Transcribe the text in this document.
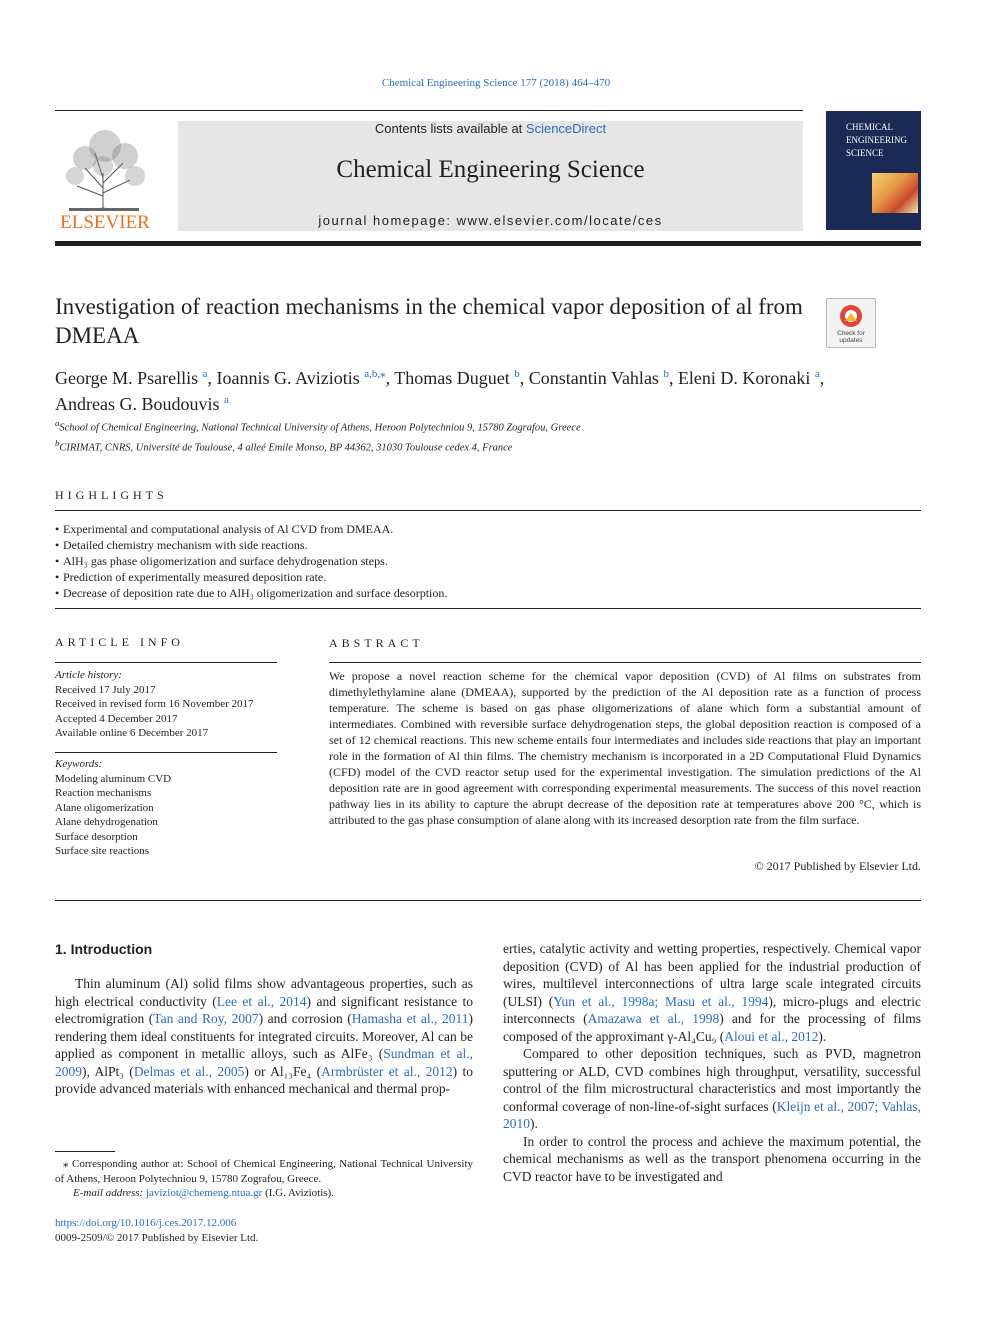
Chemical Engineering Science 177 (2018) 464–470
ELSEVIER
Contents lists available at ScienceDirect
Chemical Engineering Science
journal homepage: www.elsevier.com/locate/ces
CHEMICAL
ENGINEERING
SCIENCE
Investigation of reaction mechanisms in the chemical vapor deposition of al from DMEAA	Check for
updates
George M. Psarellis $^a$, Ioannis G. Aviziotis $^{a,b,⁎}$, Thomas Duguet $^b$, Constantin Vahlas $^b$, Eleni D. Koronaki $^a$,
Andreas G. Boudouvis $^a$
$^a$School of Chemical Engineering, National Technical University of Athens, Heroon Polytechniou 9, 15780 Zografou, Greece
$^b$CIRIMAT, CNRS, Université de Toulouse, 4 alleé Emile Monso, BP 44362, 31030 Toulouse cedex 4, France
HIGHLIGHTS
• Experimental and computational analysis of Al CVD from DMEAA.
• Detailed chemistry mechanism with side reactions.
• AlH₃ gas phase oligomerization and surface dehydrogenation steps.
• Prediction of experimentally measured deposition rate.
• Decrease of deposition rate due to AlH₃ oligomerization and surface desorption.
ARTICLE INFO
Article history:
Received 17 July 2017
Received in revised form 16 November 2017
Accepted 4 December 2017
Available online 6 December 2017
Keywords:
Modeling aluminum CVD
Reaction mechanisms
Alane oligomerization
Alane dehydrogenation
Surface desorption
Surface site reactions
ABSTRACT
We propose a novel reaction scheme for the chemical vapor deposition (CVD) of Al films on substrates from dimethylethylamine alane (DMEAA), supported by the prediction of the Al deposition rate as a function of process temperature. The scheme is based on gas phase oligomerizations of alane which form a substantial amount of intermediates. Combined with reversible surface dehydrogenation steps, the global deposition reaction is composed of a set of 12 chemical reactions. This new scheme entails four intermediates and includes side reactions that play an important role in the formation of Al thin films. The chemistry mechanism is incorporated in a 2D Computational Fluid Dynamics (CFD) model of the CVD reactor setup used for the experimental investigation. The simulation predictions of the Al deposition rate are in good agreement with corresponding experimental measurements. The success of this novel reaction pathway lies in its ability to capture the abrupt decrease of the deposition rate at temperatures above 200 °C, which is attributed to the gas phase consumption of alane along with its increased desorption rate from the film surface.
© 2017 Published by Elsevier Ltd.
1. Introduction

Thin aluminum (Al) solid films show advantageous properties, such as high electrical conductivity (Lee et al., 2014) and significant resistance to electromigration (Tan and Roy, 2007) and corrosion (Hamasha et al., 2011) rendering them ideal constituents for integrated circuits. Moreover, Al can be applied as component in metallic alloys, such as AlFe₃ (Sundman et al., 2009), AlPt₃ (Delmas et al., 2005) or Al₁₃Fe₄ (Armbrüster et al., 2012) to provide advanced materials with enhanced mechanical and thermal prop-

erties, catalytic activity and wetting properties, respectively. Chemical vapor deposition (CVD) of Al has been applied for the industrial production of wires, multilevel interconnections of ultra large scale integrated circuits (ULSI) (Yun et al., 1998a; Masu et al., 1994), micro-plugs and electric interconnects (Amazawa et al., 1998) and for the processing of films composed of the approximant γ-Al₄Cu₉ (Aloui et al., 2012).

Compared to other deposition techniques, such as PVD, magnetron sputtering or ALD, CVD combines high throughput, versatility, successful control of the film microstructural characteristics and most importantly the conformal coverage of non-line-of-sight surfaces (Kleijn et al., 2007; Vahlas, 2010).

In order to control the process and achieve the maximum potential, the chemical mechanisms as well as the transport phenomena occurring in the CVD reactor have to be investigated and

⁎ Corresponding author at: School of Chemical Engineering, National Technical University of Athens, Heroon Polytechniou 9, 15780 Zografou, Greece.
E-mail address: javiziot@chemeng.ntua.gr (I.G. Aviziotis).
https://doi.org/10.1016/j.ces.2017.12.006
0009-2509/© 2017 Published by Elsevier Ltd.
